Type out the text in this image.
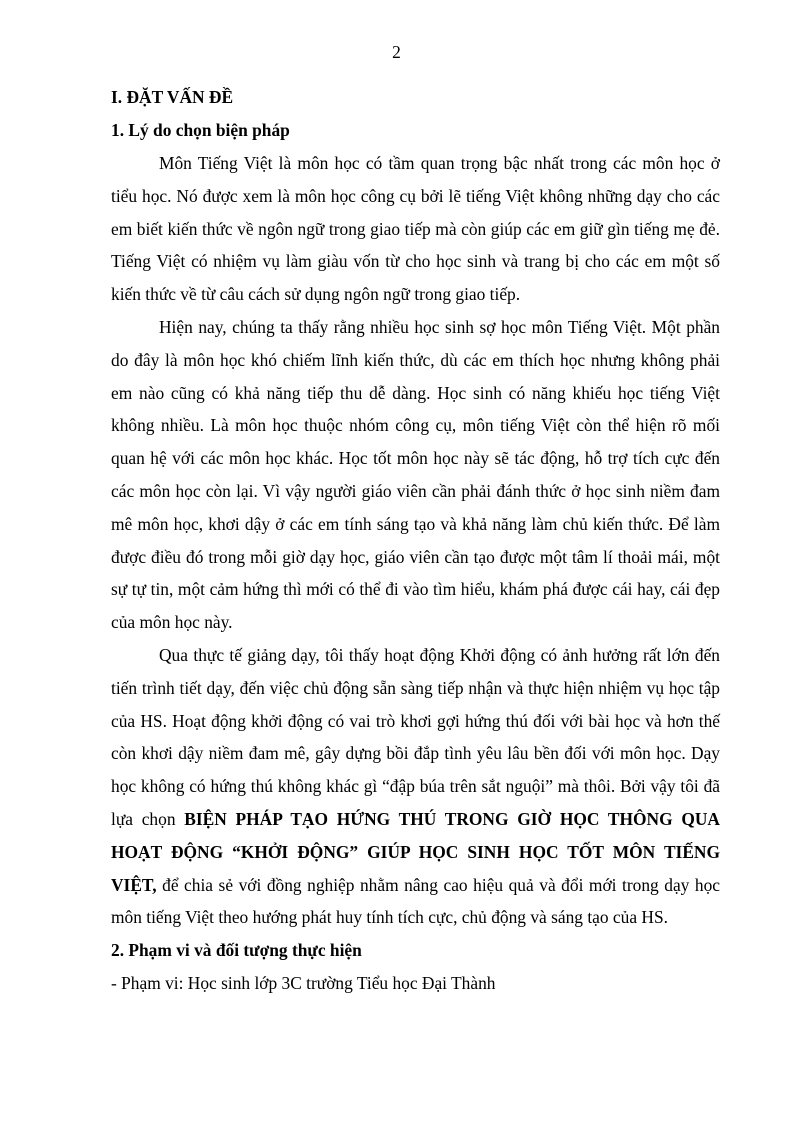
2

I. ĐẶT VẤN ĐỀ

1. Lý do chọn biện pháp

Môn Tiếng Việt là môn học có tầm quan trọng bậc nhất trong các môn học ở tiểu học. Nó được xem là môn học công cụ bởi lẽ tiếng Việt không những dạy cho các em biết kiến thức về ngôn ngữ trong giao tiếp mà còn giúp các em giữ gìn tiếng mẹ đẻ. Tiếng Việt có nhiệm vụ làm giàu vốn từ cho học sinh và trang bị cho các em một số kiến thức về từ câu cách sử dụng ngôn ngữ trong giao tiếp.

Hiện nay, chúng ta thấy rằng nhiều học sinh sợ học môn Tiếng Việt. Một phần do đây là môn học khó chiếm lĩnh kiến thức, dù các em thích học nhưng không phải em nào cũng có khả năng tiếp thu dễ dàng. Học sinh có năng khiếu học tiếng Việt không nhiều. Là môn học thuộc nhóm công cụ, môn tiếng Việt còn thể hiện rõ mối quan hệ với các môn học khác. Học tốt môn học này sẽ tác động, hỗ trợ tích cực đến các môn học còn lại. Vì vậy người giáo viên cần phải đánh thức ở học sinh niềm đam mê môn học, khơi dậy ở các em tính sáng tạo và khả năng làm chủ kiến thức. Để làm được điều đó trong mỗi giờ dạy học, giáo viên cần tạo được một tâm lí thoải mái, một sự tự tin, một cảm hứng thì mới có thể đi vào tìm hiểu, khám phá được cái hay, cái đẹp của môn học này.

Qua thực tế giảng dạy, tôi thấy hoạt động Khởi động có ảnh hưởng rất lớn đến tiến trình tiết dạy, đến việc chủ động sẵn sàng tiếp nhận và thực hiện nhiệm vụ học tập của HS. Hoạt động khởi động có vai trò khơi gợi hứng thú đối với bài học và hơn thế còn khơi dậy niềm đam mê, gây dựng bồi đắp tình yêu lâu bền đối với môn học. Dạy học không có hứng thú không khác gì “đập búa trên sắt nguội” mà thôi. Bởi vậy tôi đã lựa chọn BIỆN PHÁP TẠO HỨNG THÚ TRONG GIỜ HỌC THÔNG QUA HOẠT ĐỘNG “KHỞI ĐỘNG” GIÚP HỌC SINH HỌC TỐT MÔN TIẾNG VIỆT, để chia sẻ với đồng nghiệp nhằm nâng cao hiệu quả và đổi mới trong dạy học môn tiếng Việt theo hướng phát huy tính tích cực, chủ động và sáng tạo của HS.

2. Phạm vi và đối tượng thực hiện

- Phạm vi: Học sinh lớp 3C trường Tiểu học Đại Thành
